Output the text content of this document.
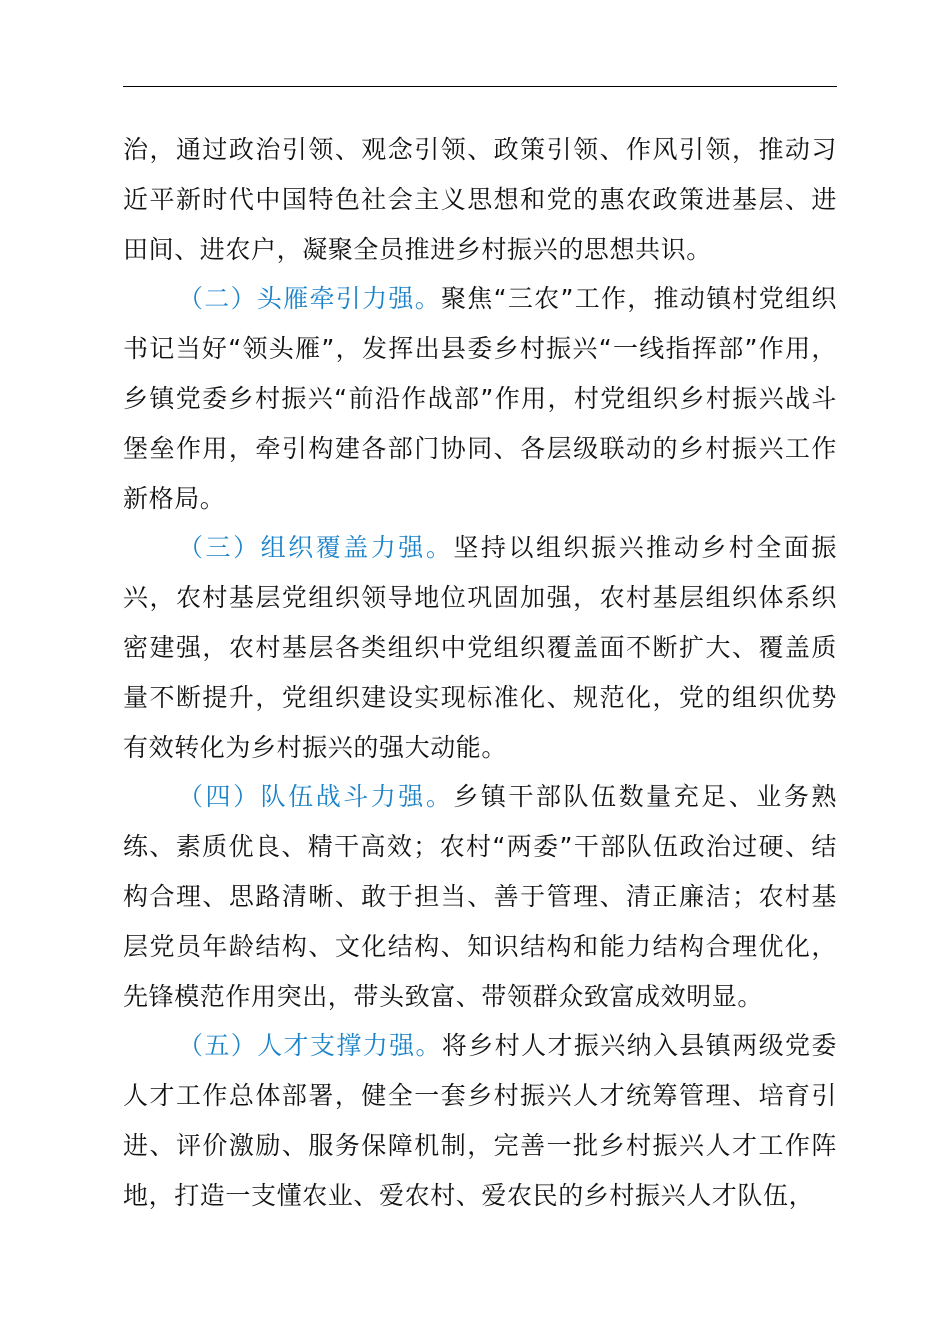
治，通过政治引领、观念引领、政策引领、作风引领，推动习近平新时代中国特色社会主义思想和党的惠农政策进基层、进田间、进农户，凝聚全员推进乡村振兴的思想共识。

（二）头雁牵引力强。聚焦“三农”工作，推动镇村党组织书记当好“领头雁”，发挥出县委乡村振兴“一线指挥部”作用，乡镇党委乡村振兴“前沿作战部”作用，村党组织乡村振兴战斗堡垒作用，牵引构建各部门协同、各层级联动的乡村振兴工作新格局。

（三）组织覆盖力强。坚持以组织振兴推动乡村全面振兴，农村基层党组织领导地位巩固加强，农村基层组织体系织密建强，农村基层各类组织中党组织覆盖面不断扩大、覆盖质量不断提升，党组织建设实现标准化、规范化，党的组织优势有效转化为乡村振兴的强大动能。

（四）队伍战斗力强。乡镇干部队伍数量充足、业务熟练、素质优良、精干高效；农村“两委”干部队伍政治过硬、结构合理、思路清晰、敢于担当、善于管理、清正廉洁；农村基层党员年龄结构、文化结构、知识结构和能力结构合理优化，先锋模范作用突出，带头致富、带领群众致富成效明显。

（五）人才支撑力强。将乡村人才振兴纳入县镇两级党委人才工作总体部署，健全一套乡村振兴人才统筹管理、培育引进、评价激励、服务保障机制，完善一批乡村振兴人才工作阵地，打造一支懂农业、爱农村、爱农民的乡村振兴人才队伍，
